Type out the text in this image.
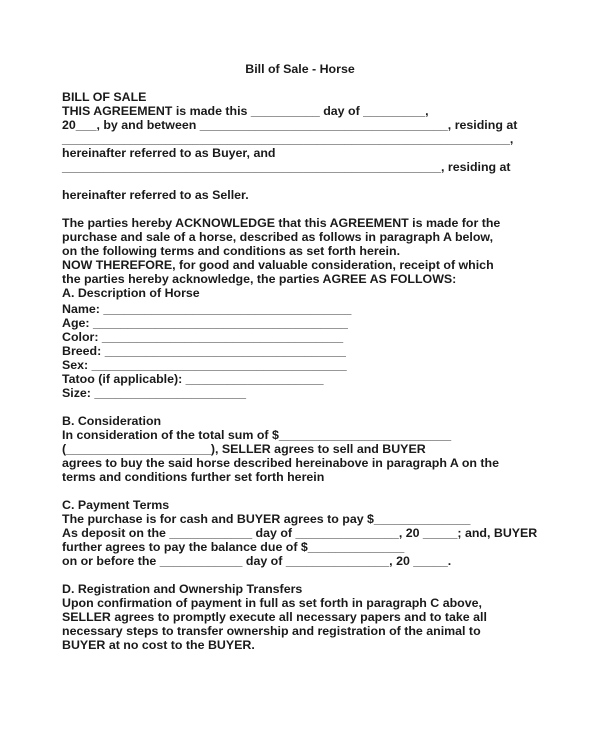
Bill of Sale - Horse
BILL OF SALE
THIS AGREEMENT is made this __________ day of _________,
20___, by and between ____________________________________, residing at
_________________________________________________________________,
hereinafter referred to as Buyer, and
_______________________________________________________, residing at
hereinafter referred to as Seller.
The parties hereby ACKNOWLEDGE that this AGREEMENT is made for the
purchase and sale of a horse, described as follows in paragraph A below,
on the following terms and conditions as set forth herein.
NOW THEREFORE, for good and valuable consideration, receipt of which
the parties hereby acknowledge, the parties AGREE AS FOLLOWS:
A. Description of Horse
Name: ____________________________________
Age: _____________________________________
Color: ___________________________________
Breed: ___________________________________
Sex: _____________________________________
Tatoo (if applicable): ____________________
Size: ______________________
B. Consideration
In consideration of the total sum of $_________________________
(_____________________), SELLER agrees to sell and BUYER
agrees to buy the said horse described hereinabove in paragraph A on the
terms and conditions further set forth herein
C. Payment Terms
The purchase is for cash and BUYER agrees to pay $______________
As deposit on the ____________ day of _______________, 20 _____; and, BUYER
further agrees to pay the balance due of $______________
on or before the ____________ day of _______________, 20 _____.
D. Registration and Ownership Transfers
Upon confirmation of payment in full as set forth in paragraph C above,
SELLER agrees to promptly execute all necessary papers and to take all
necessary steps to transfer ownership and registration of the animal to
BUYER at no cost to the BUYER.
